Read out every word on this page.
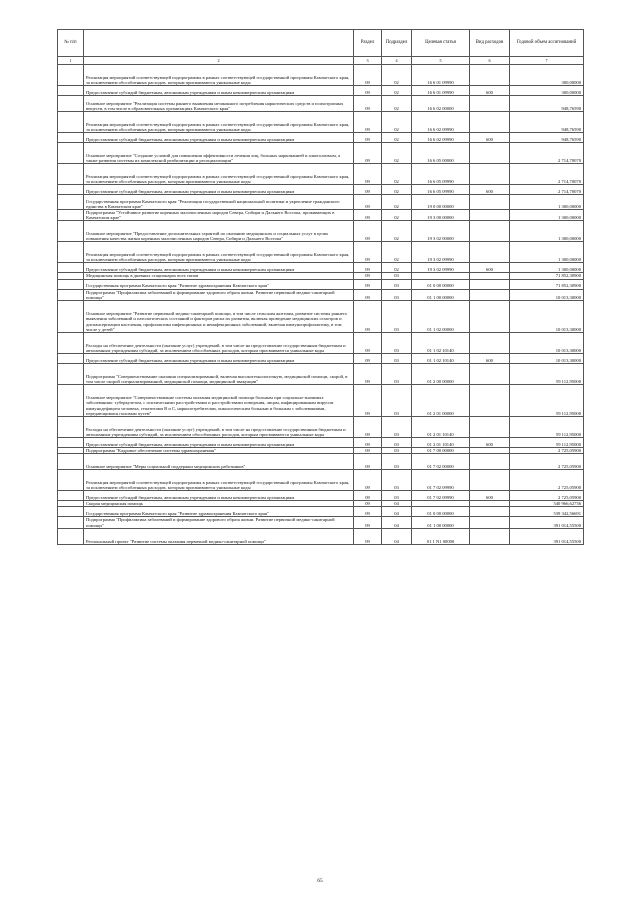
№ п/п		Раздел	Подраздел	Целевая статья	Вид расходов	Годовой объем ассигнований
1	2	3	4	5	6	7
	Реализация мероприятий соответствующей подпрограммы в рамках соответствующей государственной программы Камчатского края, за исключением обособленных расходов, которым присваиваются уникальные коды	09	02	16 6 01 09990		300,00000
	Предоставление субсидий бюджетным, автономным учреждениям и иным некоммерческим организациям	09	02	16 6 01 09990	600	300,00000
	Основное мероприятие "Реализация системы раннего выявления незаконного потребления наркотических средств и психотропных веществ, в том числе в образовательных организациях Камчатского края"	09	02	16 6 02 00000		948,76590
	Реализация мероприятий соответствующей подпрограммы в рамках соответствующей государственной программы Камчатского края, за исключением обособленных расходов, которым присваиваются уникальные коды	09	02	16 6 02 09990		948,76590
	Предоставление субсидий бюджетным, автономным учреждениям и иным некоммерческим организациям	09	02	16 6 02 09990	600	948,76590
	Основное мероприятие "Создание условий для повышения эффективности лечения лиц, больных наркоманией и алкоголизмом, а также развития системы их комплексной реабилитации и ресоциализации"	09	02	16 6 05 00000		2 714,70070
	Реализация мероприятий соответствующей подпрограммы в рамках соответствующей государственной программы Камчатского края, за исключением обособленных расходов, которым присваиваются уникальные коды	09	02	16 6 05 09990		2 714,70070
	Предоставление субсидий бюджетным, автономным учреждениям и иным некоммерческим организациям	09	02	16 6 05 09990	600	2 714,70070
	Государственная программа Камчатского края "Реализация государственной национальной политики и укрепление гражданского единства в Камчатском крае"	09	02	19 0 00 00000		1 300,00000
	Подпрограмма "Устойчивое развитие коренных малочисленных народов Севера, Сибири и Дальнего Востока, проживающих в Камчатском крае"	09	02	19 3 00 00000		1 300,00000
	Основное мероприятие "Предоставление дополнительных гарантий по оказанию медицинских и социальных услуг в целях повышения качества жизни коренных малочисленных народов Севера, Сибири и Дальнего Востока"	09	02	19 3 02 00000		1 300,00000
	Реализация мероприятий соответствующей подпрограммы в рамках соответствующей государственной программы Камчатского края, за исключением обособленных расходов, которым присваиваются уникальные коды	09	02	19 3 02 09990		1 300,00000
	Предоставление субсидий бюджетным, автономным учреждениям и иным некоммерческим организациям	09	02	19 3 02 09990	600	1 300,00000
	Медицинская помощь в дневных стационарах всех типов	09	03			71 852,30900
	Государственная программа Камчатского края "Развитие здравоохранения Камчатского края"	09	03	01 0 00 00000		71 852,30900
	Подпрограмма "Профилактика заболеваний и формирование здорового образа жизни. Развитие первичной медико-санитарной помощи"	09	03	01 1 00 00000		10 013,30000
	Основное мероприятие "Развитие первичной медико-санитарной помощи, в том числе сельским жителям, развитие системы раннего выявления заболеваний и патологических состояний и факторов риска их развития, включая проведение медицинских осмотров и диспансеризации населения, профилактика инфекционных и неинфекционных заболеваний, включая иммунопрофилактику, в том числе у детей"	09	03	01 1 02 00000		10 013,30000
	Расходы на обеспечение деятельности (оказание услуг) учреждений, в том числе на предоставление государственным бюджетным и автономным учреждениям субсидий, за исключением обособленных расходов, которым присваиваются уникальные коды	09	03	01 1 02 10140		10 013,30000
	Предоставление субсидий бюджетным, автономным учреждениям и иным некоммерческим организациям	09	03	01 1 02 10140	600	10 013,30000
	Подпрограмма "Совершенствование оказания специализированной, включая высокотехнологичную, медицинской помощи, скорой, в том числе скорой специализированной, медицинской помощи, медицинской эвакуации"	09	03	01 2 00 00000		59 112,95000
	Основное мероприятие "Совершенствование системы оказания медицинской помощи больным при социально-значимых заболеваниях: туберкулезом, с психическими расстройствами и расстройствами поведения, лицам, инфицированным вирусом иммунодефицита человека, гепатитами В и С, наркопотребителям, онкологическим больным и больным с заболеваниями, передающимися половым путем"	09	03	01 2 01 00000		59 112,95000
	Расходы на обеспечение деятельности (оказание услуг) учреждений, в том числе на предоставление государственным бюджетным и автономным учреждениям субсидий, за исключением обособленных расходов, которым присваиваются уникальные коды	09	03	01 2 01 10140		59 112,95000
	Предоставление субсидий бюджетным, автономным учреждениям и иным некоммерческим организациям	09	03	01 2 01 10140	600	59 112,95000
	Подпрограмма "Кадровое обеспечение системы здравоохранения"	09	03	01 7 00 00000		2 725,05900
	Основное мероприятие "Меры социальной поддержки медицинских работников"	09	03	01 7 02 00000		2 725,05900
	Реализация мероприятий соответствующей подпрограммы в рамках соответствующей государственной программы Камчатского края, за исключением обособленных расходов, которым присваиваются уникальные коды	09	03	01 7 02 09990		2 725,05900
	Предоставление субсидий бюджетным, автономным учреждениям и иным некоммерческим организациям	09	03	01 7 02 09990	600	2 725,05900
	Скорая медицинская помощь	09	04			540 966,62736
	Государственная программа Камчатского края "Развитие здравоохранения Камчатского края"	09	04	01 0 00 00000		539 342,56691
	Подпрограмма "Профилактика заболеваний и формирование здорового образа жизни. Развитие первичной медико-санитарной помощи"	09	04	01 1 00 00000		391 014,55500
	Региональный проект "Развитие системы оказания первичной медико-санитарной помощи"	09	04	01 1 N1 00000		391 014,55500
65
